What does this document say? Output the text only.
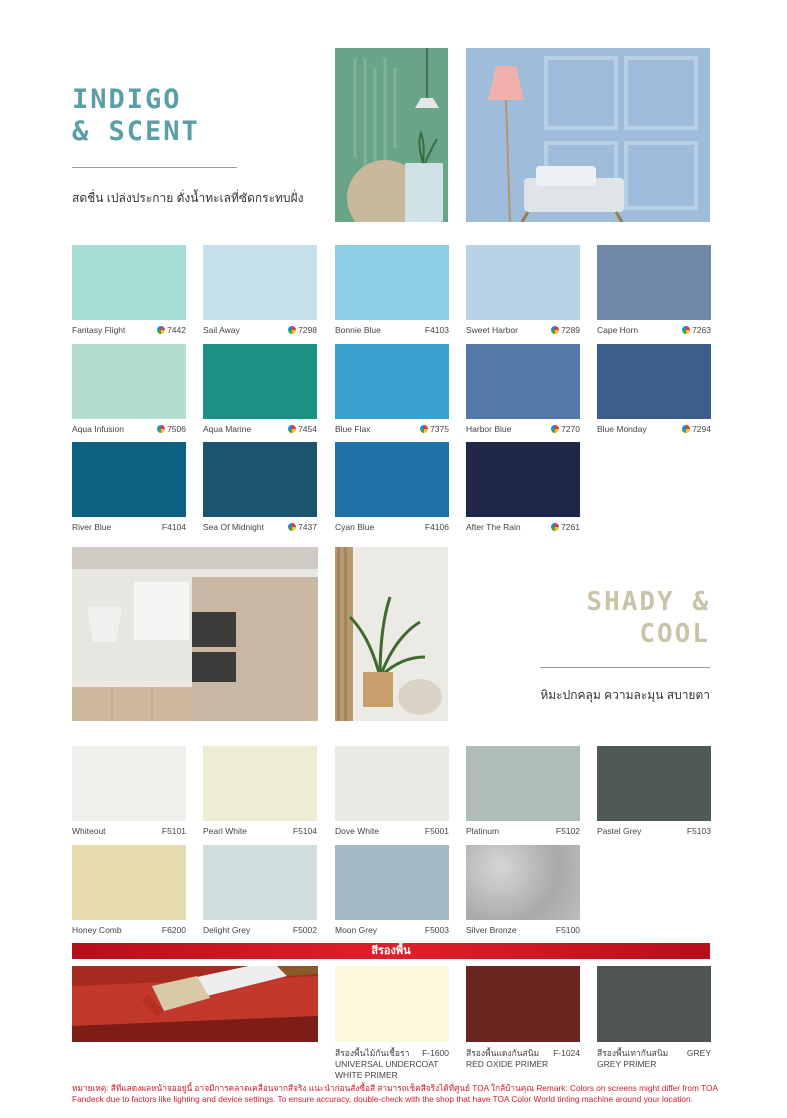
INDIGO
& SCENT
สดชื่น เปล่งประกาย ดั่งน้ำทะเลที่ซัดกระทบฝั่ง
Fantasy Flight	7442 Sail Away	7298 Bonnie Blue	F4103 Sweet Harbor	7289 Cape Horn	7263
Aqua Infusion	7506 Aqua Marine	7454 Blue Flax	7375 Harbor Blue	7270 Blue Monday	7294
River Blue	F4104 Sea Of Midnight	7437 Cyan Blue	F4106 After The Rain	7261
SHADY &
COOL
หิมะปกคลุม ความละมุน สบายตา
Whiteout	F5101 Pearl White	F5104 Dove White	F5001 Platinum	F5102 Pastel Grey	F5103
Honey Comb	F6200 Delight Grey	F5002 Moon Grey	F5003 Silver Bronze	F5100
สีรองพื้น
สีรองพื้นไม้กันเชื้อรา F-1600
UNIVERSAL UNDERCOAT
WHITE PRIMER
สีรองพื้นแดงกันสนิม F-1024
RED OXIDE PRIMER
สีรองพื้นเทากันสนิม GREY
GREY PRIMER
หมายเหตุ: สีที่แสดงผลหน้าจออยู่นี้ อาจมีการคลาดเคลื่อนจากสีจริง แนะนำก่อนสั่งซื้อสี สามารถเช็คสีจริงได้ที่ศูนย์ TOA ใกล้บ้านคุณ Remark: Colors on screens might differ from TOA Fandeck due to factors like lighting and device settings. To ensure accuracy, double-check with the shop that have TOA Color World tinting machine around your location.
